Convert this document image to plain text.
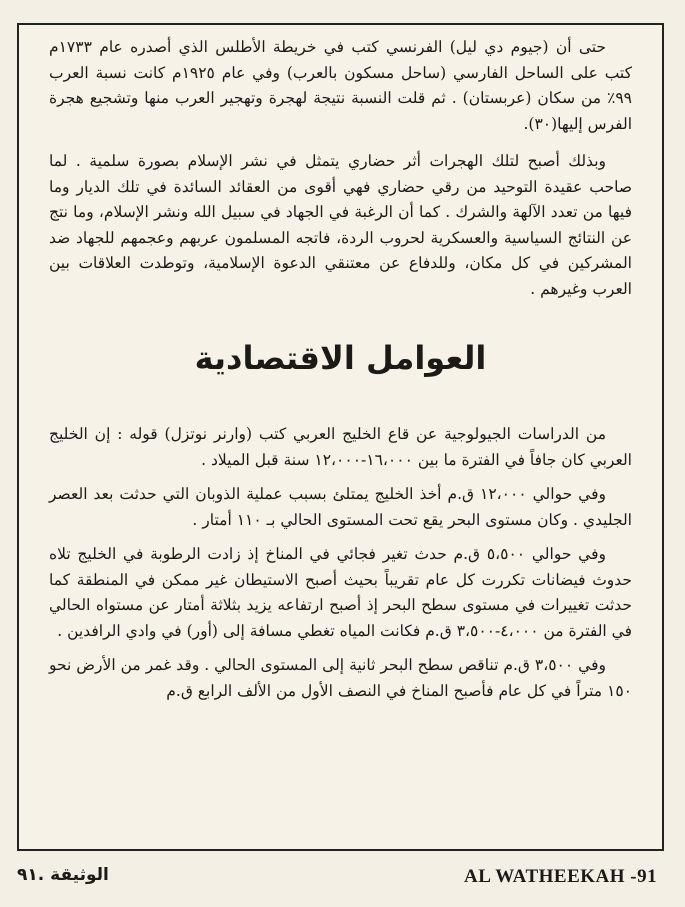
حتى أن (جيوم دي ليل) الفرنسي كتب في خريطة الأطلس الذي أصدره عام ١٧٣٣م كتب على الساحل الفارسي (ساحل مسكون بالعرب) وفي عام ١٩٢٥م كانت نسبة العرب ٩٩٪ من سكان (عربستان) . ثم قلت النسبة نتيجة لهجرة وتهجير العرب منها وتشجيع هجرة الفرس إليها(٣٠).

وبذلك أصبح لتلك الهجرات أثر حضاري يتمثل في نشر الإسلام بصورة سلمية . لما صاحب عقيدة التوحيد من رقي حضاري فهي أقوى من العقائد السائدة في تلك الديار وما فيها من تعدد الآلهة والشرك . كما أن الرغبة في الجهاد في سبيل الله ونشر الإسلام، وما نتج عن النتائج السياسية والعسكرية لحروب الردة، فاتجه المسلمون عربهم وعجمهم للجهاد ضد المشركين في كل مكان، وللدفاع عن معتنقي الدعوة الإسلامية، وتوطدت العلاقات بين العرب وغيرهم .

العوامل الاقتصادية

من الدراسات الجيولوجية عن قاع الخليج العربي كتب (وارنر نوتزل) قوله : إن الخليج العربي كان جافاً في الفترة ما بين ١٦،٠٠٠-١٢،٠٠٠ سنة قبل الميلاد .

وفي حوالي ١٢،٠٠٠ ق.م أخذ الخليج يمتلئ بسبب عملية الذوبان التي حدثت بعد العصر الجليدي . وكان مستوى البحر يقع تحت المستوى الحالي بـ ١١٠ أمتار .

وفي حوالي ٥،٥٠٠ ق.م حدث تغير فجائي في المناخ إذ زادت الرطوبة في الخليج تلاه حدوث فيضانات تكررت كل عام تقريباً بحيث أصبح الاستيطان غير ممكن في المنطقة كما حدثت تغييرات في مستوى سطح البحر إذ أصبح ارتفاعه يزيد بثلاثة أمتار عن مستواه الحالي في الفترة من ٤،٠٠٠-٣،٥٠٠ ق.م فكانت المياه تغطي مسافة إلى (أور) في وادي الرافدين .

وفي ٣،٥٠٠ ق.م تناقص سطح البحر ثانية إلى المستوى الحالي . وقد غمر من الأرض نحو ١٥٠ متراً في كل عام فأصبح المناخ في النصف الأول من الألف الرابع ق.م

الوثيقة .٩١	AL WATHEEKAH -91
